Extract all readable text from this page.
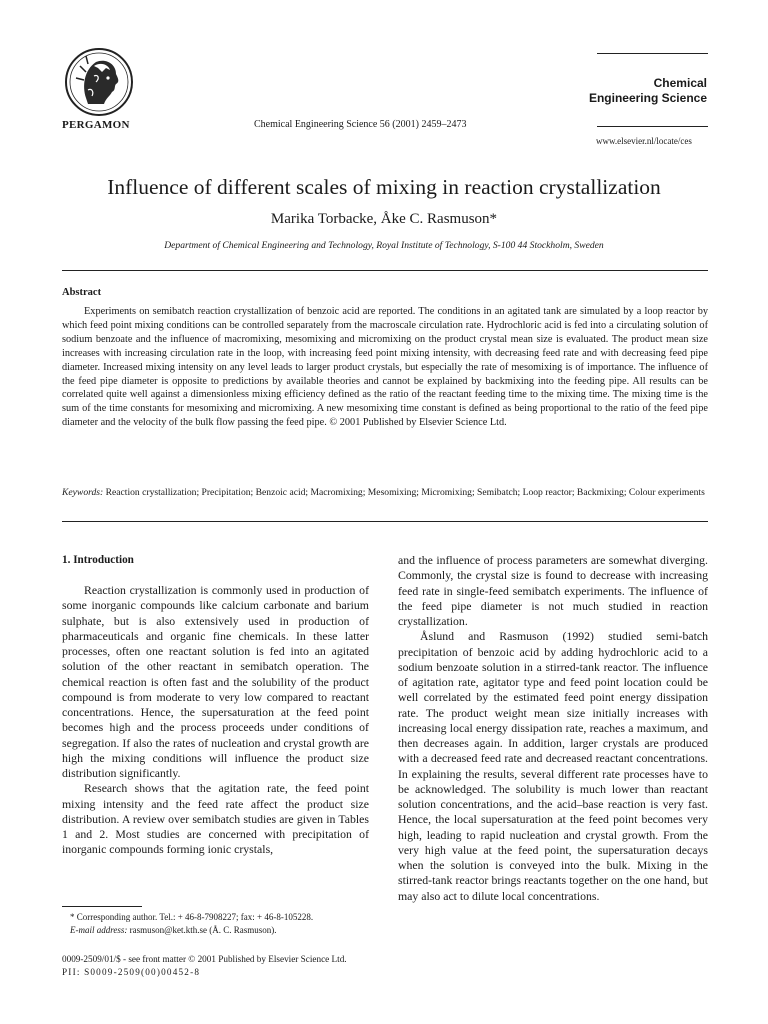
PERGAMON	Chemical Engineering Science 56 (2001) 2459–2473
Chemical
Engineering Science
www.elsevier.nl/locate/ces
Influence of different scales of mixing in reaction crystallization
Marika Torbacke, Åke C. Rasmuson*
Department of Chemical Engineering and Technology, Royal Institute of Technology, S-100 44 Stockholm, Sweden
Abstract
Experiments on semibatch reaction crystallization of benzoic acid are reported. The conditions in an agitated tank are simulated by a loop reactor by which feed point mixing conditions can be controlled separately from the macroscale circulation rate. Hydrochloric acid is fed into a circulating solution of sodium benzoate and the influence of macromixing, mesomixing and micromixing on the product crystal mean size is evaluated. The product mean size increases with increasing circulation rate in the loop, with increasing feed point mixing intensity, with decreasing feed rate and with decreasing feed pipe diameter. Increased mixing intensity on any level leads to larger product crystals, but especially the rate of mesomixing is of importance. The influence of the feed pipe diameter is opposite to predictions by available theories and cannot be explained by backmixing into the feeding pipe. All results can be correlated quite well against a dimensionless mixing efficiency defined as the ratio of the reactant feeding time to the mixing time. The mixing time is the sum of the time constants for mesomixing and micromixing. A new mesomixing time constant is defined as being proportional to the ratio of the feed pipe diameter and the velocity of the bulk flow passing the feed pipe. © 2001 Published by Elsevier Science Ltd.
Keywords: Reaction crystallization; Precipitation; Benzoic acid; Macromixing; Mesomixing; Micromixing; Semibatch; Loop reactor; Backmixing; Colour experiments
1. Introduction

Reaction crystallization is commonly used in production of some inorganic compounds like calcium carbonate and barium sulphate, but is also extensively used in production of pharmaceuticals and organic fine chemicals. In these latter processes, often one reactant solution is fed into an agitated solution of the other reactant in semibatch operation. The chemical reaction is often fast and the solubility of the product compound is from moderate to very low compared to reactant concentrations. Hence, the supersaturation at the feed point becomes high and the process proceeds under conditions of segregation. If also the rates of nucleation and crystal growth are high the mixing conditions will influence the product size distribution significantly.

Research shows that the agitation rate, the feed point mixing intensity and the feed rate affect the product size distribution. A review over semibatch studies are given in Tables 1 and 2. Most studies are concerned with precipitation of inorganic compounds forming ionic crystals,

and the influence of process parameters are somewhat diverging. Commonly, the crystal size is found to decrease with increasing feed rate in single-feed semibatch experiments. The influence of the feed pipe diameter is not much studied in reaction crystallization.

Åslund and Rasmuson (1992) studied semi-batch precipitation of benzoic acid by adding hydrochloric acid to a sodium benzoate solution in a stirred-tank reactor. The influence of agitation rate, agitator type and feed point location could be well correlated by the estimated feed point energy dissipation rate. The product weight mean size initially increases with increasing local energy dissipation rate, reaches a maximum, and then decreases again. In addition, larger crystals are produced with a decreased feed rate and decreased reactant concentrations. In explaining the results, several different rate processes have to be acknowledged. The solubility is much lower than reactant solution concentrations, and the acid–base reaction is very fast. Hence, the local supersaturation at the feed point becomes very high, leading to rapid nucleation and crystal growth. From the very high value at the feed point, the supersaturation decays when the solution is conveyed into the bulk. Mixing in the stirred-tank reactor brings reactants together on the one hand, but may also act to dilute local concentrations.

* Corresponding author. Tel.: + 46-8-7908227; fax: + 46-8-105228.

E-mail address: rasmuson@ket.kth.se (Å. C. Rasmuson).

0009-2509/01/$ - see front matter © 2001 Published by Elsevier Science Ltd.
PII: S0009-2509(00)00452-8
